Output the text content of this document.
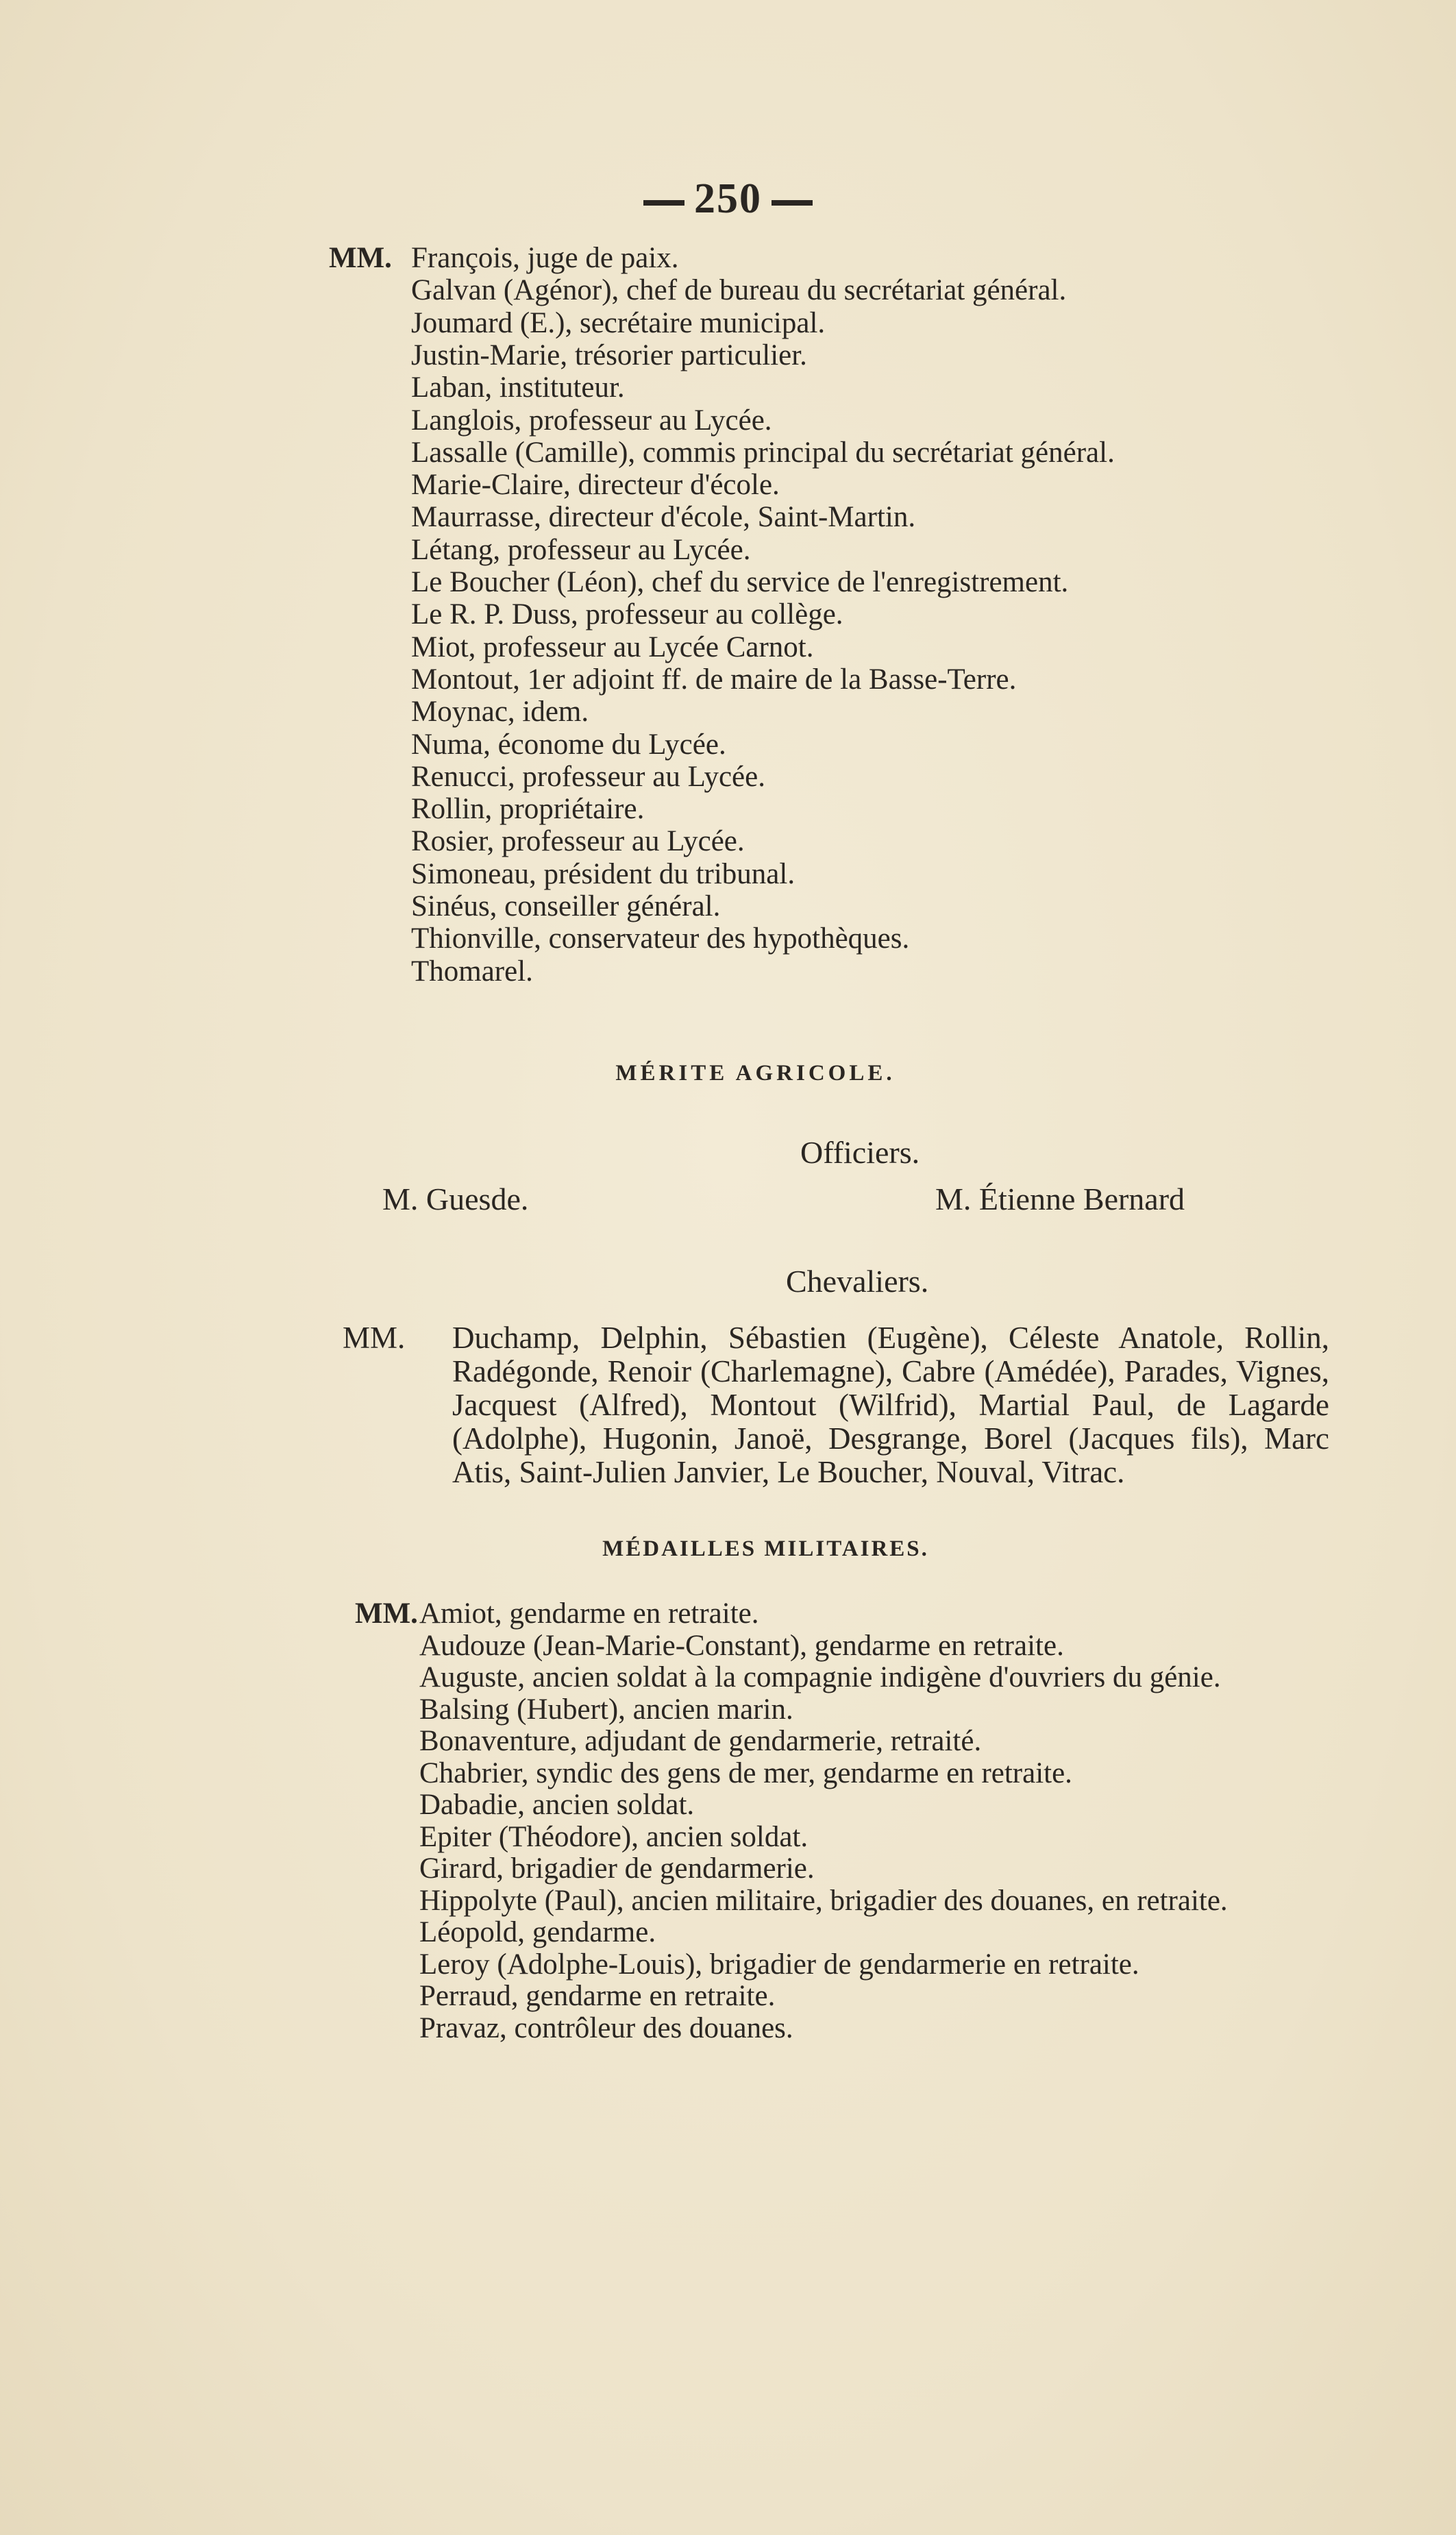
250
MM. François, juge de paix.
Galvan (Agénor), chef de bureau du secrétariat général.
Joumard (E.), secrétaire municipal.
Justin-Marie, trésorier particulier.
Laban, instituteur.
Langlois, professeur au Lycée.
Lassalle (Camille), commis principal du secrétariat général.
Marie-Claire, directeur d'école.
Maurrasse, directeur d'école, Saint-Martin.
Létang, professeur au Lycée.
Le Boucher (Léon), chef du service de l'enregistrement.
Le R. P. Duss, professeur au collège.
Miot, professeur au Lycée Carnot.
Montout, 1er adjoint ff. de maire de la Basse-Terre.
Moynac, idem.
Numa, économe du Lycée.
Renucci, professeur au Lycée.
Rollin, propriétaire.
Rosier, professeur au Lycée.
Simoneau, président du tribunal.
Sinéus, conseiller général.
Thionville, conservateur des hypothèques.
Thomarel.
MÉRITE AGRICOLE.
Officiers.
M. Guesde.	M. Étienne Bernard
Chevaliers.
MM. Duchamp, Delphin, Sébastien (Eugène), Céleste Anatole, Rollin, Radégonde, Renoir (Charlemagne), Cabre (Amédée), Parades, Vignes, Jacquest (Alfred), Montout (Wilfrid), Martial Paul, de Lagarde (Adolphe), Hugonin, Janoë, Desgrange, Borel (Jacques fils), Marc Atis, Saint-Julien Janvier, Le Boucher, Nouval, Vitrac.
MÉDAILLES MILITAIRES.
MM. Amiot, gendarme en retraite.
Audouze (Jean-Marie-Constant), gendarme en retraite.
Auguste, ancien soldat à la compagnie indigène d'ouvriers du génie.
Balsing (Hubert), ancien marin.
Bonaventure, adjudant de gendarmerie, retraité.
Chabrier, syndic des gens de mer, gendarme en retraite.
Dabadie, ancien soldat.
Epiter (Théodore), ancien soldat.
Girard, brigadier de gendarmerie.
Hippolyte (Paul), ancien militaire, brigadier des douanes, en retraite.
Léopold, gendarme.
Leroy (Adolphe-Louis), brigadier de gendarmerie en retraite.
Perraud, gendarme en retraite.
Pravaz, contrôleur des douanes.
